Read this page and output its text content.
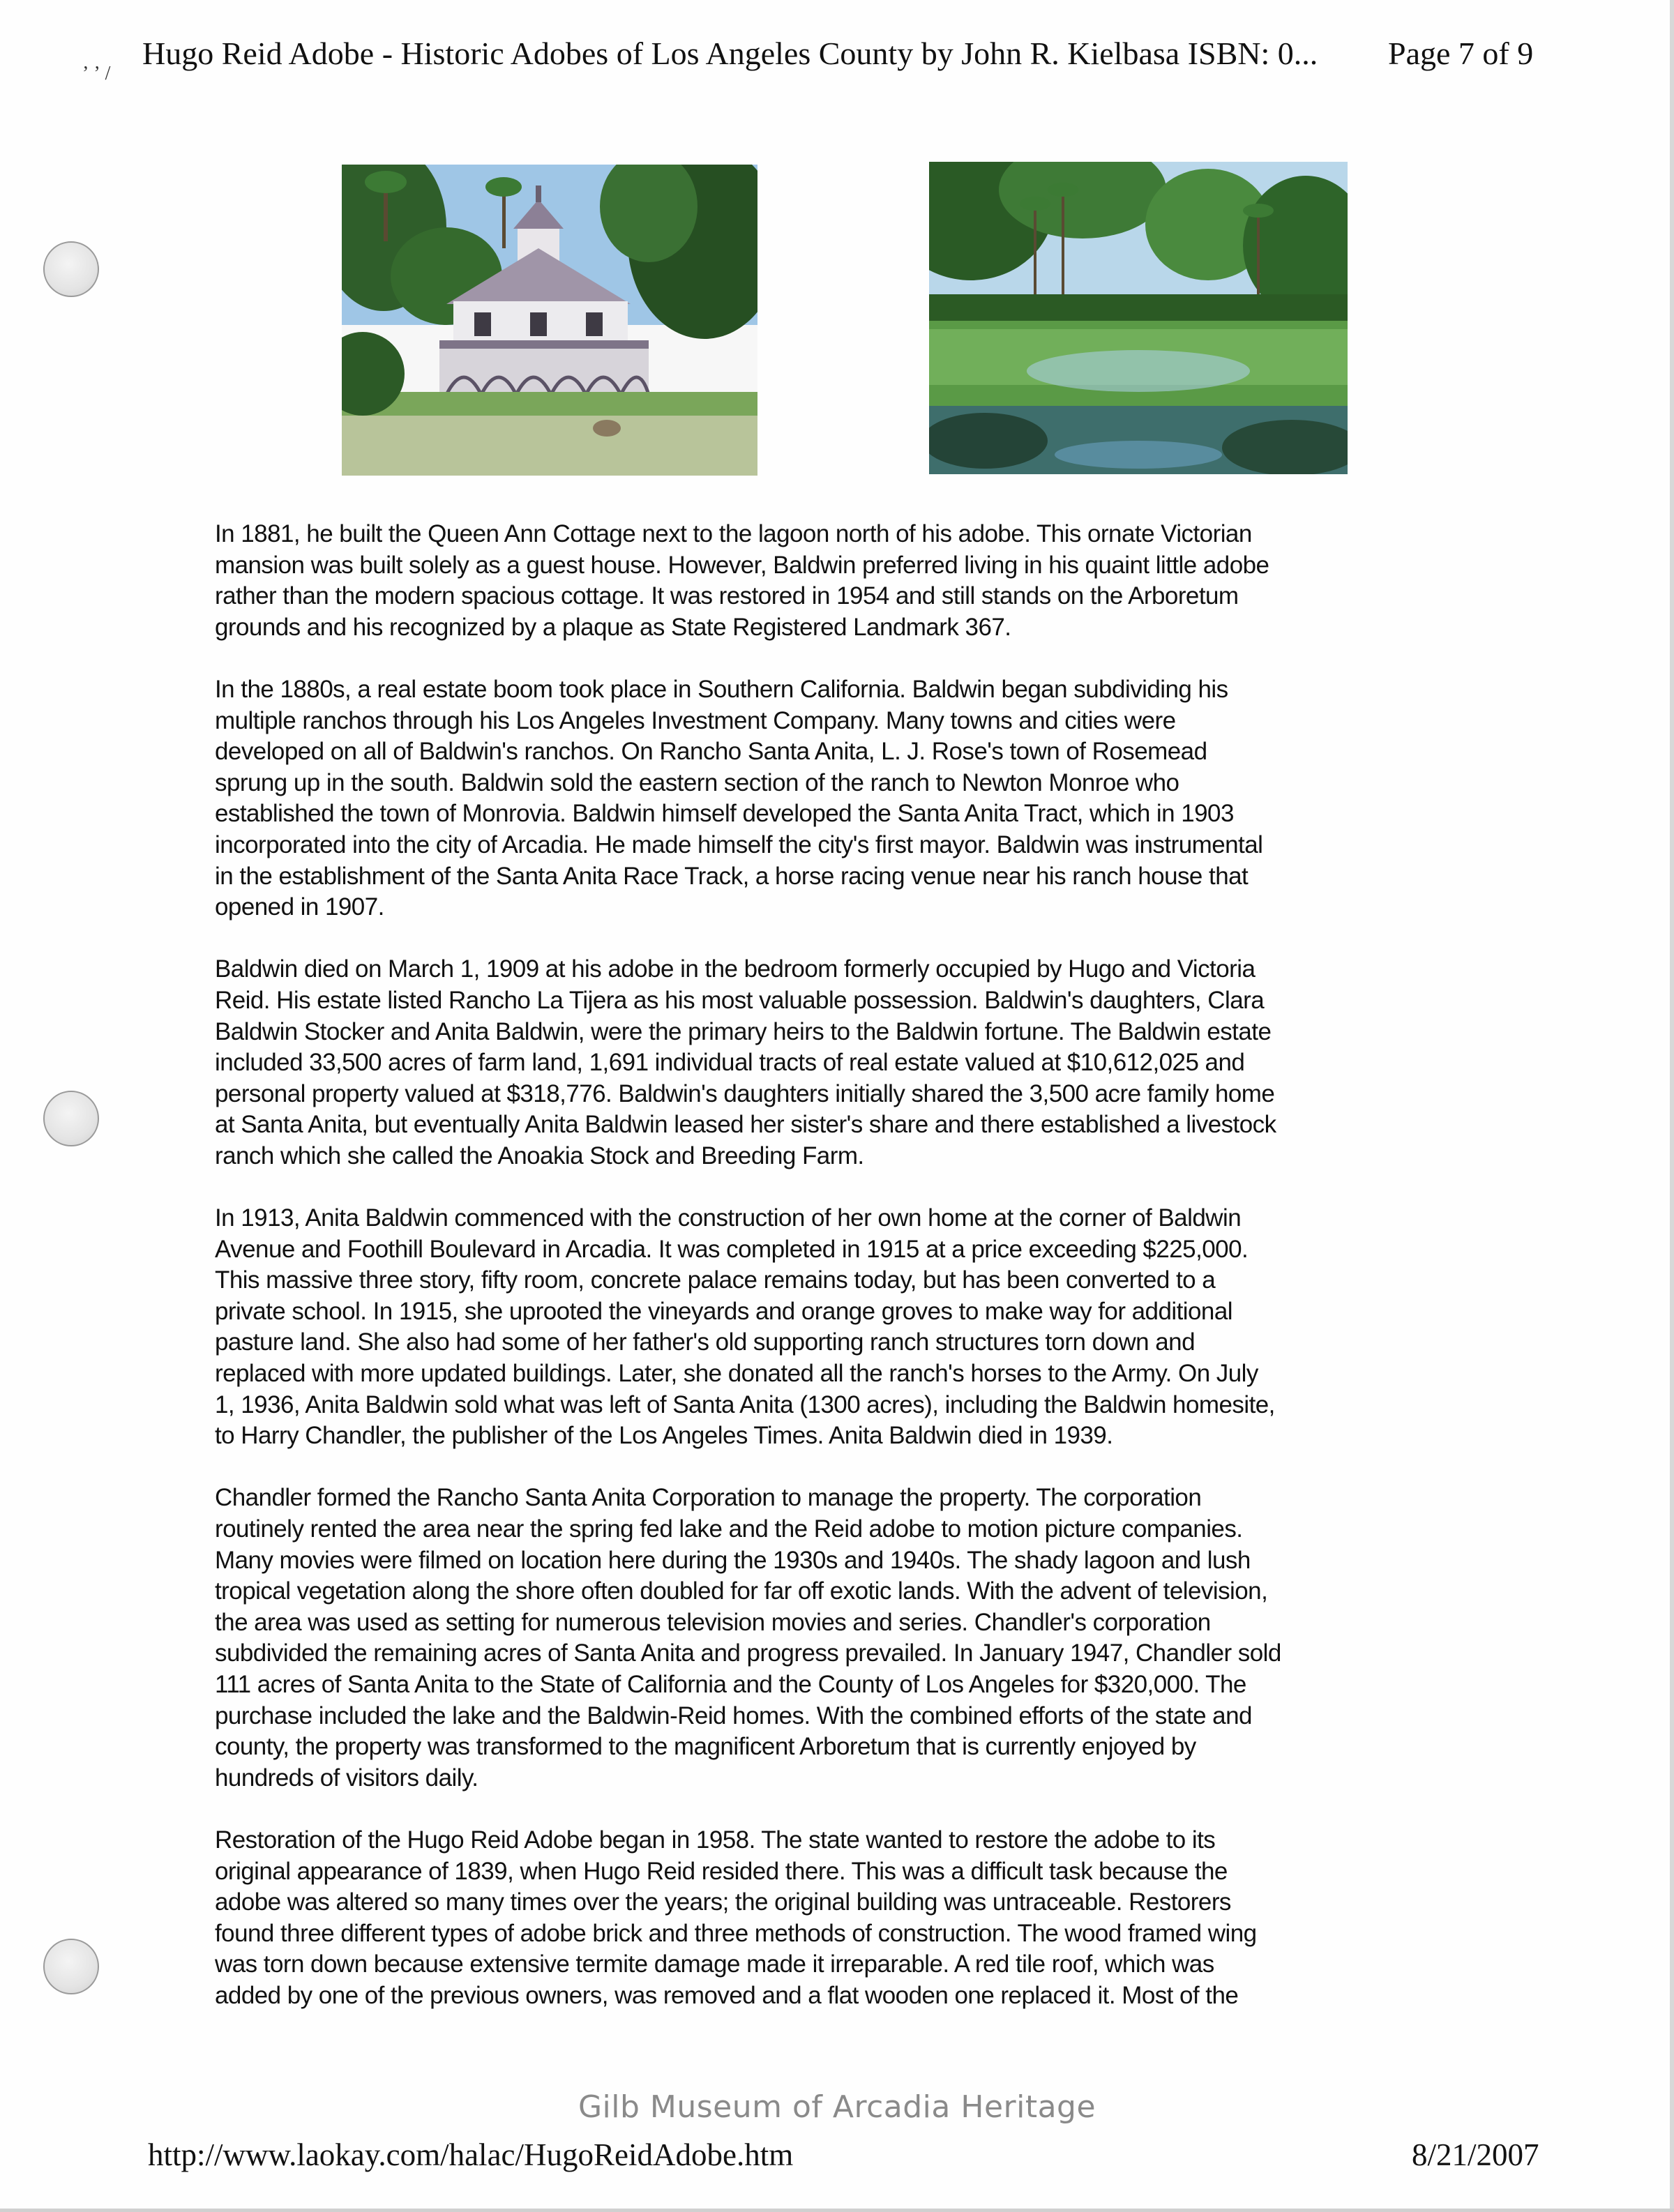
ʼ ʼ /
Hugo Reid Adobe - Historic Adobes of Los Angeles County by John R. Kielbasa ISBN: 0... Page 7 of 9

In 1881, he built the Queen Ann Cottage next to the lagoon north of his adobe. This ornate Victorian
mansion was built solely as a guest house. However, Baldwin preferred living in his quaint little adobe
rather than the modern spacious cottage. It was restored in 1954 and still stands on the Arboretum
grounds and his recognized by a plaque as State Registered Landmark 367.

In the 1880s, a real estate boom took place in Southern California. Baldwin began subdividing his
multiple ranchos through his Los Angeles Investment Company. Many towns and cities were
developed on all of Baldwin's ranchos. On Rancho Santa Anita, L. J. Rose's town of Rosemead
sprung up in the south. Baldwin sold the eastern section of the ranch to Newton Monroe who
established the town of Monrovia. Baldwin himself developed the Santa Anita Tract, which in 1903
incorporated into the city of Arcadia. He made himself the city's first mayor. Baldwin was instrumental
in the establishment of the Santa Anita Race Track, a horse racing venue near his ranch house that
opened in 1907.

Baldwin died on March 1, 1909 at his adobe in the bedroom formerly occupied by Hugo and Victoria
Reid. His estate listed Rancho La Tijera as his most valuable possession. Baldwin's daughters, Clara
Baldwin Stocker and Anita Baldwin, were the primary heirs to the Baldwin fortune. The Baldwin estate
included 33,500 acres of farm land, 1,691 individual tracts of real estate valued at $10,612,025 and
personal property valued at $318,776. Baldwin's daughters initially shared the 3,500 acre family home
at Santa Anita, but eventually Anita Baldwin leased her sister's share and there established a livestock
ranch which she called the Anoakia Stock and Breeding Farm.

In 1913, Anita Baldwin commenced with the construction of her own home at the corner of Baldwin
Avenue and Foothill Boulevard in Arcadia. It was completed in 1915 at a price exceeding $225,000.
This massive three story, fifty room, concrete palace remains today, but has been converted to a
private school. In 1915, she uprooted the vineyards and orange groves to make way for additional
pasture land. She also had some of her father's old supporting ranch structures torn down and
replaced with more updated buildings. Later, she donated all the ranch's horses to the Army. On July
1, 1936, Anita Baldwin sold what was left of Santa Anita (1300 acres), including the Baldwin homesite,
to Harry Chandler, the publisher of the Los Angeles Times. Anita Baldwin died in 1939.

Chandler formed the Rancho Santa Anita Corporation to manage the property. The corporation
routinely rented the area near the spring fed lake and the Reid adobe to motion picture companies.
Many movies were filmed on location here during the 1930s and 1940s. The shady lagoon and lush
tropical vegetation along the shore often doubled for far off exotic lands. With the advent of television,
the area was used as setting for numerous television movies and series. Chandler's corporation
subdivided the remaining acres of Santa Anita and progress prevailed. In January 1947, Chandler sold
111 acres of Santa Anita to the State of California and the County of Los Angeles for $320,000. The
purchase included the lake and the Baldwin-Reid homes. With the combined efforts of the state and
county, the property was transformed to the magnificent Arboretum that is currently enjoyed by
hundreds of visitors daily.

Restoration of the Hugo Reid Adobe began in 1958. The state wanted to restore the adobe to its
original appearance of 1839, when Hugo Reid resided there. This was a difficult task because the
adobe was altered so many times over the years; the original building was untraceable. Restorers
found three different types of adobe brick and three methods of construction. The wood framed wing
was torn down because extensive termite damage made it irreparable. A red tile roof, which was
added by one of the previous owners, was removed and a flat wooden one replaced it. Most of the

Gilb Museum of Arcadia Heritage
http://www.laokay.com/halac/HugoReidAdobe.htm	8/21/2007
